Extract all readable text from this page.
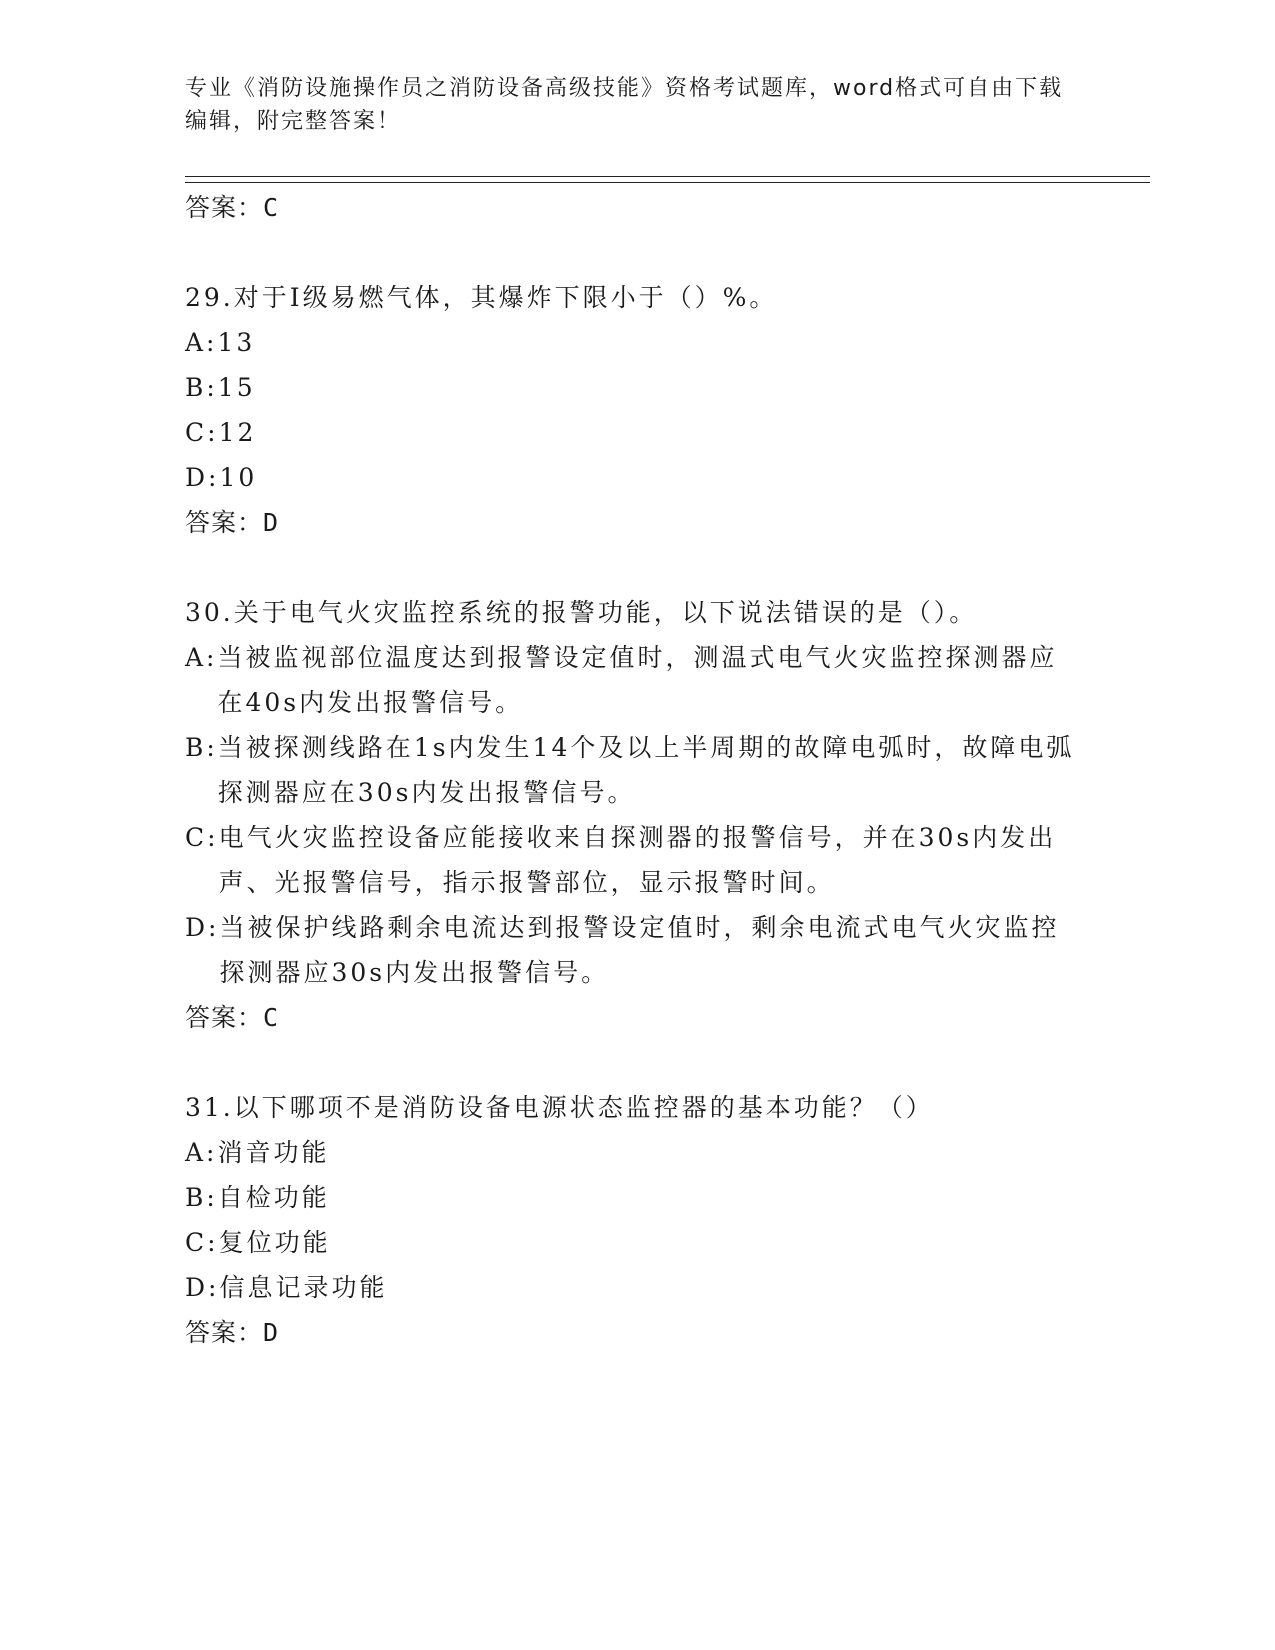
专业《消防设施操作员之消防设备高级技能》资格考试题库，word格式可自由下载编辑，附完整答案！

答案：C

29.对于Ⅰ级易燃气体，其爆炸下限小于（）%。

A: 13

B: 15

C: 12

D: 10

答案：D

30.关于电气火灾监控系统的报警功能，以下说法错误的是（）。

A: 当被监视部位温度达到报警设定值时，测温式电气火灾监控探测器应在40s内发出报警信号。

B: 当被探测线路在1s内发生14个及以上半周期的故障电弧时，故障电弧探测器应在30s内发出报警信号。

C: 电气火灾监控设备应能接收来自探测器的报警信号，并在30s内发出声、光报警信号，指示报警部位，显示报警时间。

D: 当被保护线路剩余电流达到报警设定值时，剩余电流式电气火灾监控探测器应30s内发出报警信号。

答案：C

31.以下哪项不是消防设备电源状态监控器的基本功能？（）

A: 消音功能

B: 自检功能

C: 复位功能

D: 信息记录功能

答案：D
